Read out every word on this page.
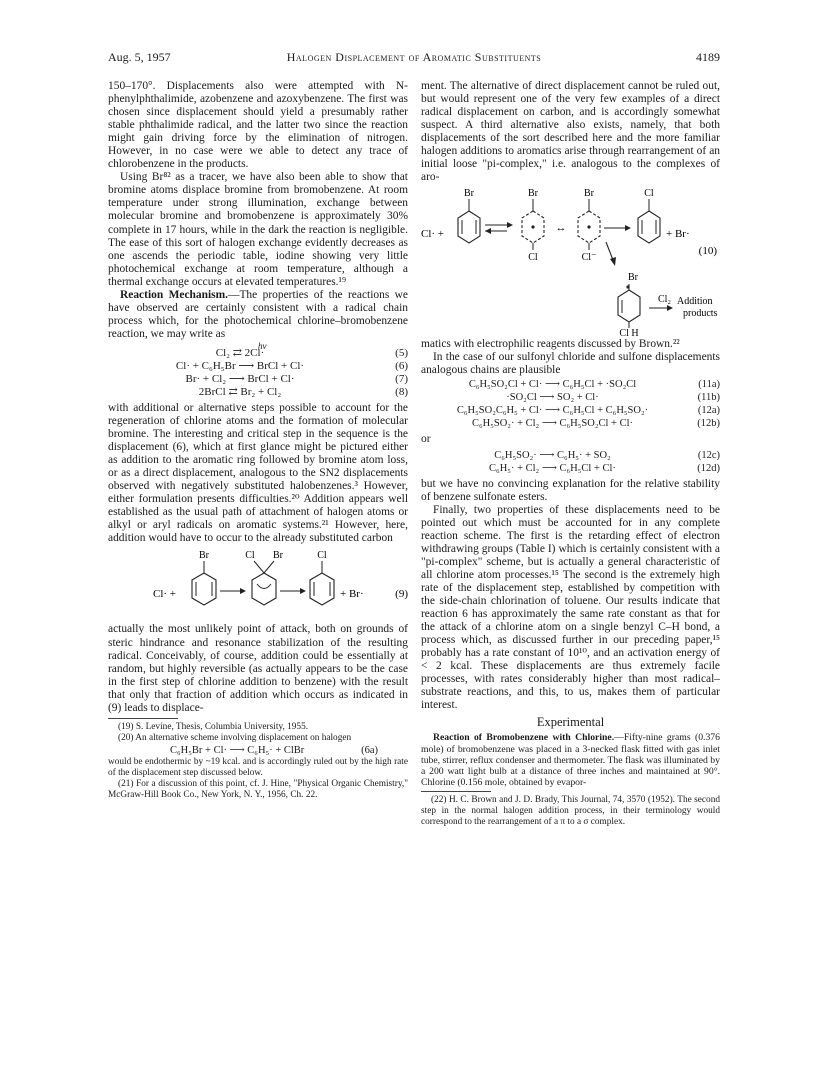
Aug. 5, 1957	Halogen Displacement of Aromatic Substituents	4189

150–170°. Displacements also were attempted with N-phenylphthalimide, azobenzene and azoxybenzene. The first was chosen since displacement should yield a presumably rather stable phthalimide radical, and the latter two since the reaction might gain driving force by the elimination of nitrogen. However, in no case were we able to detect any trace of chlorobenzene in the products.

Using Br⁸² as a tracer, we have also been able to show that bromine atoms displace bromine from bromobenzene. At room temperature under strong illumination, exchange between molecular bromine and bromobenzene is approximately 30% complete in 17 hours, while in the dark the reaction is negligible. The ease of this sort of halogen exchange evidently decreases as one ascends the periodic table, iodine showing very little photochemical exchange at room temperature, although a thermal exchange occurs at elevated temperatures.¹⁹

Reaction Mechanism.—The properties of the reactions we have observed are certainly consistent with a radical chain process which, for the photochemical chlorine–bromobenzene reaction, we may write as

hν
Cl₂ ⇄ 2Cl·	(5)
Cl· + C₆H₅Br ⟶ BrCl + Cl·	(6)
Br· + Cl₂ ⟶ BrCl + Cl·	(7)
2BrCl ⇄ Br₂ + Cl₂	(8)

with additional or alternative steps possible to account for the regeneration of chlorine atoms and the formation of molecular bromine. The interesting and critical step in the sequence is the displacement (6), which at first glance might be pictured either as addition to the aromatic ring followed by bromine atom loss, or as a direct displacement, analogous to the SN2 displacements observed with negatively substituted halobenzenes.³ However, either formulation presents difficulties.²⁰ Addition appears well established as the usual path of attachment of halogen atoms or alkyl or aryl radicals on aromatic systems.²¹ However, here, addition would have to occur to the already substituted carbon

Cl· +
Br	Cl Br	Cl
+ Br·	(9)

actually the most unlikely point of attack, both on grounds of steric hindrance and resonance stabilization of the resulting radical. Conceivably, of course, addition could be essentially at random, but highly reversible (as actually appears to be the case in the first step of chlorine addition to benzene) with the result that only that fraction of addition which occurs as indicated in (9) leads to displace-

(19) S. Levine, Thesis, Columbia University, 1955.
(20) An alternative scheme involving displacement on halogen
C₆H₅Br + Cl· ⟶ C₆H₅· + ClBr	(6a)
would be endothermic by ~19 kcal. and is accordingly ruled out by the high rate of the displacement step discussed below.
(21) For a discussion of this point, cf. J. Hine, "Physical Organic Chemistry," McGraw-Hill Book Co., New York, N. Y., 1956, Ch. 22.

ment. The alternative of direct displacement cannot be ruled out, but would represent one of the very few examples of a direct radical displacement on carbon, and is accordingly somewhat suspect. A third alternative also exists, namely, that both displacements of the sort described here and the more familiar halogen additions to aromatics arise through rearrangement of an initial loose "pi-complex," i.e. analogous to the complexes of aro-

Cl· +
Br	Br
Cl
↔
Br
Cl⁻
Cl
+ Br·
(10)
Br
Cl H
Cl₂ Addition
products

matics with electrophilic reagents discussed by Brown.²²

In the case of our sulfonyl chloride and sulfone displacements analogous chains are plausible

C₆H₅SO₂Cl + Cl· ⟶ C₆H₅Cl + ·SO₂Cl	(11a)
·SO₂Cl ⟶ SO₂ + Cl·	(11b)
C₆H₅SO₂C₆H₅ + Cl· ⟶ C₆H₅Cl + C₆H₅SO₂·	(12a)
C₆H₅SO₂· + Cl₂ ⟶ C₆H₅SO₂Cl + Cl·	(12b)

or

C₆H₅SO₂· ⟶ C₆H₅· + SO₂	(12c)
C₆H₅· + Cl₂ ⟶ C₆H₅Cl + Cl·	(12d)

but we have no convincing explanation for the relative stability of benzene sulfonate esters.

Finally, two properties of these displacements need to be pointed out which must be accounted for in any complete reaction scheme. The first is the retarding effect of electron withdrawing groups (Table I) which is certainly consistent with a "pi-complex" scheme, but is actually a general characteristic of all chlorine atom processes.¹⁵ The second is the extremely high rate of the displacement step, established by competition with the side-chain chlorination of toluene. Our results indicate that reaction 6 has approximately the same rate constant as that for the attack of a chlorine atom on a single benzyl C–H bond, a process which, as discussed further in our preceding paper,¹⁵ probably has a rate constant of 10¹⁰, and an activation energy of < 2 kcal. These displacements are thus extremely facile processes, with rates considerably higher than most radical–substrate reactions, and this, to us, makes them of particular interest.

Experimental

Reaction of Bromobenzene with Chlorine.—Fifty-nine grams (0.376 mole) of bromobenzene was placed in a 3-necked flask fitted with gas inlet tube, stirrer, reflux condenser and thermometer. The flask was illuminated by a 200 watt light bulb at a distance of three inches and maintained at 90°. Chlorine (0.156 mole, obtained by evapor-

(22) H. C. Brown and J. D. Brady, This Journal, 74, 3570 (1952). The second step in the normal halogen addition process, in their terminology would correspond to the rearrangement of a π to a σ complex.
